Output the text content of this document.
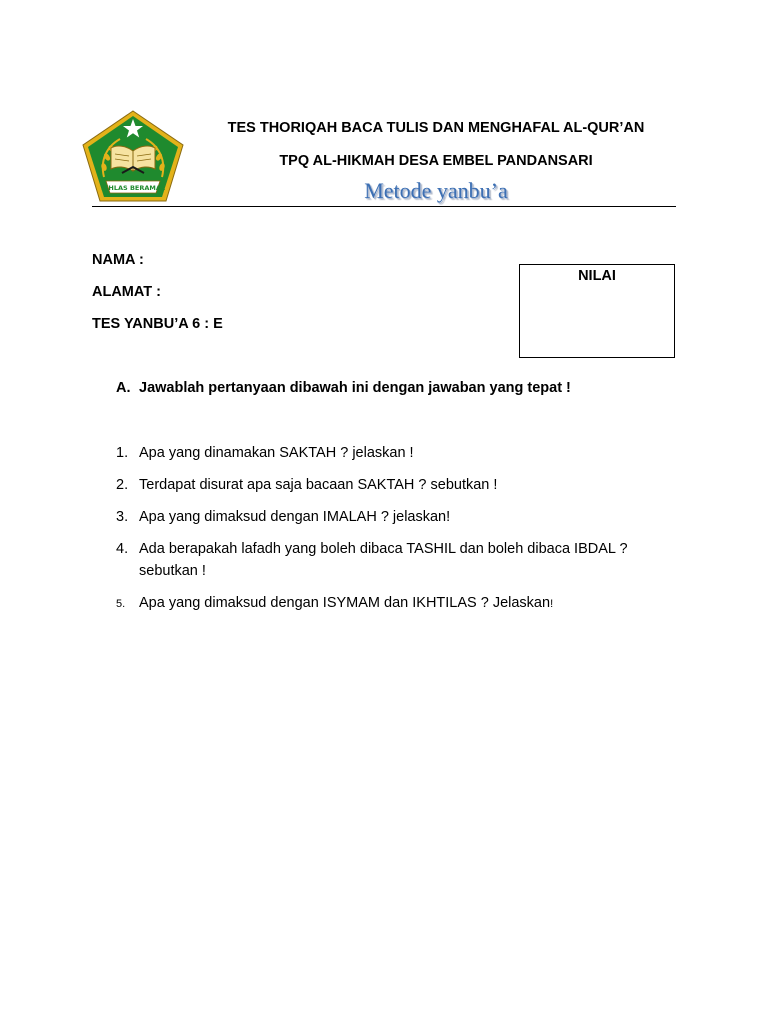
IKHLAS BERAMAL
TES THORIQAH BACA TULIS DAN MENGHAFAL AL-QUR’AN
TPQ AL-HIKMAH DESA EMBEL PANDANSARI
Metode yanbu’a
NAMA :
ALAMAT :
TES YANBU’A 6 : E
NILAI
A. Jawablah pertanyaan dibawah ini dengan jawaban yang tepat !
1. Apa yang dinamakan SAKTAH ? jelaskan !
2. Terdapat disurat apa saja bacaan SAKTAH ? sebutkan !
3. Apa yang dimaksud dengan IMALAH ? jelaskan!
4. Ada berapakah lafadh yang boleh dibaca TASHIL dan boleh dibaca IBDAL ? sebutkan !
5. Apa yang dimaksud dengan ISYMAM dan IKHTILAS ? Jelaskan!
